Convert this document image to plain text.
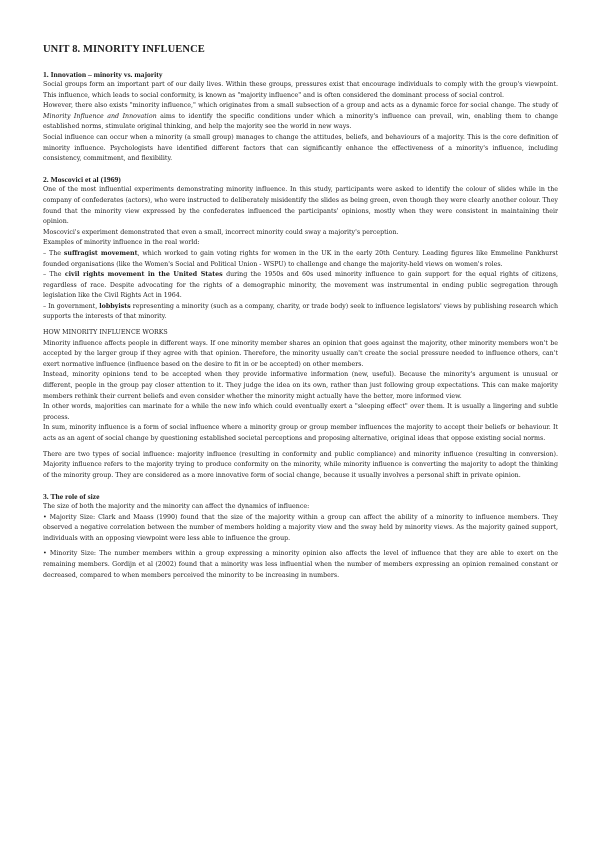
UNIT 8. MINORITY INFLUENCE
1. Innovation – minority vs. majority

Social groups form an important part of our daily lives. Within these groups, pressures exist that encourage individuals to comply with the group's viewpoint. This influence, which leads to social conformity, is known as "majority influence" and is often considered the dominant process of social control.

However, there also exists "minority influence," which originates from a small subsection of a group and acts as a dynamic force for social change. The study of Minority Influence and Innovation aims to identify the specific conditions under which a minority's influence can prevail, win, enabling them to change established norms, stimulate original thinking, and help the majority see the world in new ways.

Social influence can occur when a minority (a small group) manages to change the attitudes, beliefs, and behaviours of a majority. This is the core definition of minority influence. Psychologists have identified different factors that can significantly enhance the effectiveness of a minority's influence, including consistency, commitment, and flexibility.

2. Moscovici et al (1969)

One of the most influential experiments demonstrating minority influence. In this study, participants were asked to identify the colour of slides while in the company of confederates (actors), who were instructed to deliberately misidentify the slides as being green, even though they were clearly another colour. They found that the minority view expressed by the confederates influenced the participants' opinions, mostly when they were consistent in maintaining their opinion.

Moscovici's experiment demonstrated that even a small, incorrect minority could sway a majority's perception.

Examples of minority influence in the real world:

– The suffragist movement, which worked to gain voting rights for women in the UK in the early 20th Century. Leading figures like Emmeline Pankhurst founded organisations (like the Women's Social and Political Union - WSPU) to challenge and change the majority-held views on women's roles.

– The civil rights movement in the United States during the 1950s and 60s used minority influence to gain support for the equal rights of citizens, regardless of race. Despite advocating for the rights of a demographic minority, the movement was instrumental in ending public segregation through legislation like the Civil Rights Act in 1964.

– In government, lobbyists representing a minority (such as a company, charity, or trade body) seek to influence legislators' views by publishing research which supports the interests of that minority.

HOW MINORITY INFLUENCE WORKS

Minority influence affects people in different ways. If one minority member shares an opinion that goes against the majority, other minority members won't be accepted by the larger group if they agree with that opinion. Therefore, the minority usually can't create the social pressure needed to influence others, can't exert normative influence (influence based on the desire to fit in or be accepted) on other members.

Instead, minority opinions tend to be accepted when they provide informative information (new, useful). Because the minority's argument is unusual or different, people in the group pay closer attention to it. They judge the idea on its own, rather than just following group expectations. This can make majority members rethink their current beliefs and even consider whether the minority might actually have the better, more informed view.

In other words, majorities can marinate for a while the new info which could eventually exert a "sleeping effect" over them. It is usually a lingering and subtle process.

In sum, minority influence is a form of social influence where a minority group or group member influences the majority to accept their beliefs or behaviour. It acts as an agent of social change by questioning established societal perceptions and proposing alternative, original ideas that oppose existing social norms.

There are two types of social influence: majority influence (resulting in conformity and public compliance) and minority influence (resulting in conversion). Majority influence refers to the majority trying to produce conformity on the minority, while minority influence is converting the majority to adopt the thinking of the minority group. They are considered as a more innovative form of social change, because it usually involves a personal shift in private opinion.

3. The role of size

The size of both the majority and the minority can affect the dynamics of influence:

• Majority Size: Clark and Maass (1990) found that the size of the majority within a group can affect the ability of a minority to influence members. They observed a negative correlation between the number of members holding a majority view and the sway held by minority views. As the majority gained support, individuals with an opposing viewpoint were less able to influence the group.

• Minority Size: The number members within a group expressing a minority opinion also affects the level of influence that they are able to exert on the remaining members. Gordijn et al (2002) found that a minority was less influential when the number of members expressing an opinion remained constant or decreased, compared to when members perceived the minority to be increasing in numbers.
